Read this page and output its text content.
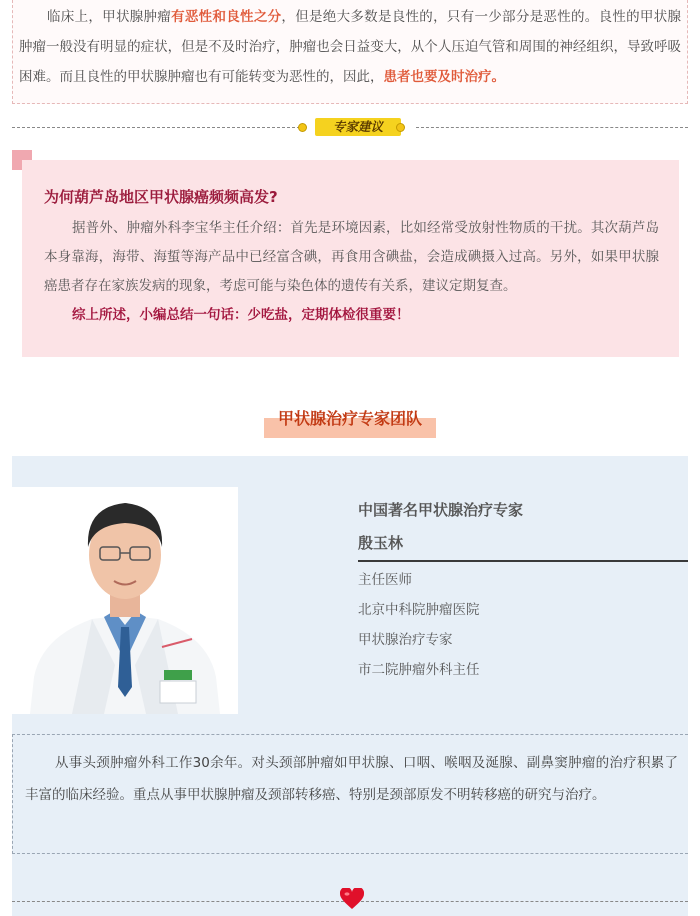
临床上，甲状腺肿瘤有恶性和良性之分，但是绝大多数是良性的，只有一少部分是恶性的。良性的甲状腺肿瘤一般没有明显的症状，但是不及时治疗，肿瘤也会日益变大，从个人压迫气管和周围的神经组织，导致呼吸困难。而且良性的甲状腺肿瘤也有可能转变为恶性的，因此，患者也要及时治疗。

专家建议
为何葫芦岛地区甲状腺癌频频高发?

据普外、肿瘤外科李宝华主任介绍：首先是环境因素，比如经常受放射性物质的干扰。其次葫芦岛本身靠海，海带、海蜇等海产品中已经富含碘，再食用含碘盐，会造成碘摄入过高。另外，如果甲状腺癌患者存在家族发病的现象，考虑可能与染色体的遗传有关系，建议定期复查。

综上所述，小编总结一句话：少吃盐，定期体检很重要！

甲状腺治疗专家团队
中国著名甲状腺治疗专家
殷玉林
主任医师
北京中科院肿瘤医院
甲状腺治疗专家
市二院肿瘤外科主任

从事头颈肿瘤外科工作30余年。对头颈部肿瘤如甲状腺、口咽、喉咽及涎腺、副鼻窦肿瘤的治疗积累了丰富的临床经验。重点从事甲状腺肿瘤及颈部转移癌、特别是颈部原发不明转移癌的研究与治疗。
